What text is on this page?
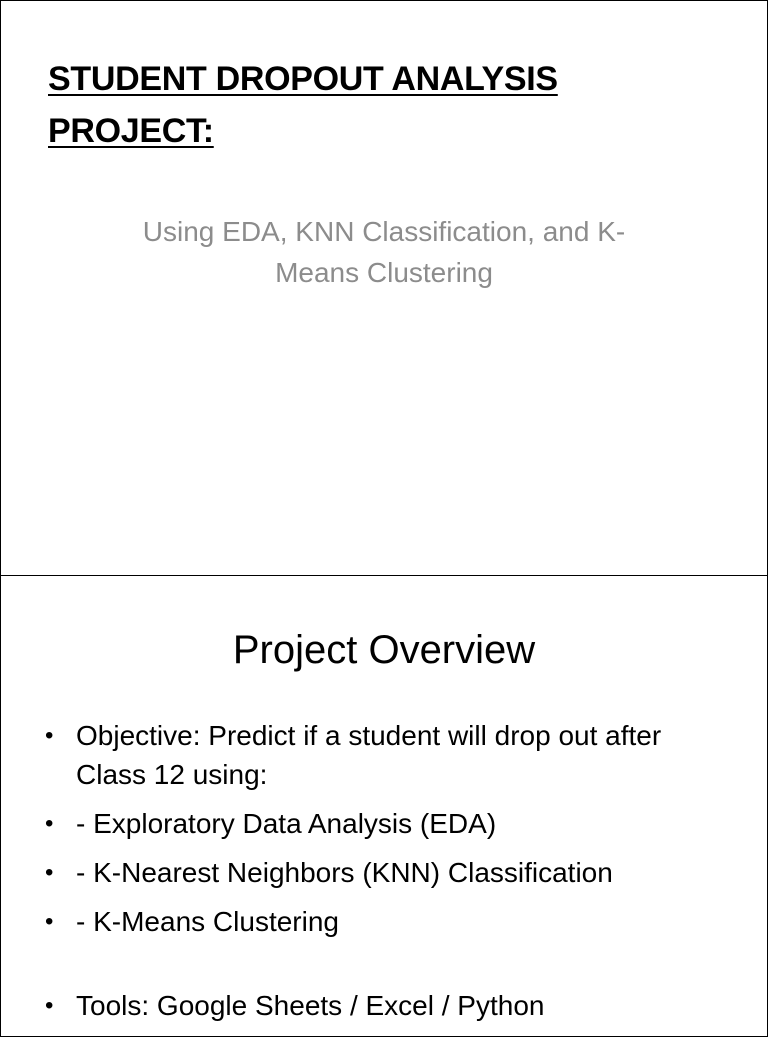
STUDENT DROPOUT ANALYSIS
PROJECT:
Using EDA, KNN Classification, and K-Means Clustering
Project Overview
• Objective: Predict if a student will drop out after Class 12 using:
• - Exploratory Data Analysis (EDA)
• - K-Nearest Neighbors (KNN) Classification
• - K-Means Clustering
• Tools: Google Sheets / Excel / Python
